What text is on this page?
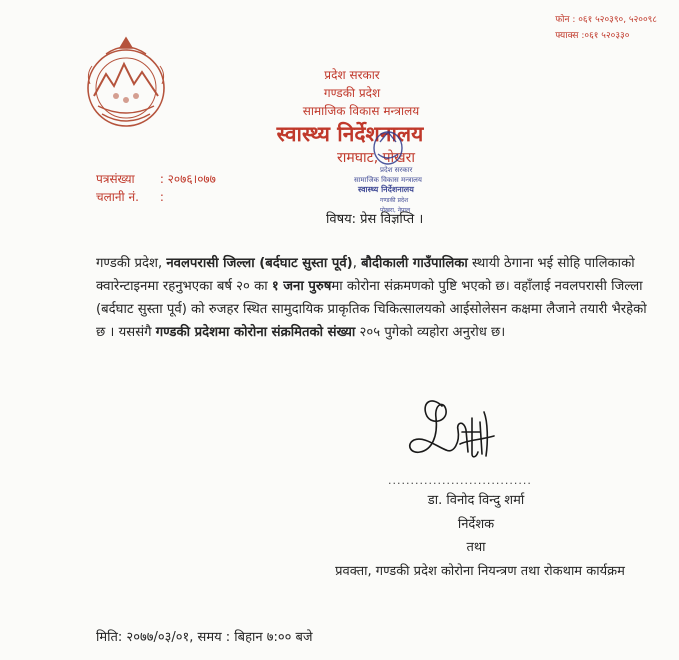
फोन : ०६१ ५२०३९०, ५२००९८
फ्याक्स :०६१ ५२०३३०
प्रदेश सरकार
गण्डकी प्रदेश
सामाजिक विकास मन्त्रालय
स्वास्थ्य निर्देशनालय
रामघाट, पोखरा
प्रदेश सरकार
सामाजिक विकास मन्त्रालय
स्वास्थ्य निर्देशनालय
गण्डकी प्रदेश
पोखरा, नेपाल
पत्रसंख्या : २०७६।०७७
चलानी नं. :
विषय: प्रेस विज्ञप्ति ।

गण्डकी प्रदेश, नवलपरासी जिल्ला (बर्दघाट सुस्ता पूर्व), बौदीकाली गाउँपालिका स्थायी ठेगाना भई सोहि पालिकाको क्वारेन्टाइनमा रहनुभएका बर्ष २० का १ जना पुरुषमा कोरोना संक्रमणको पुष्टि भएको छ। वहाँलाई नवलपरासी जिल्ला (बर्दघाट सुस्ता पूर्व) को रुजहर स्थित सामुदायिक प्राकृतिक चिकित्सालयको आईसोलेसन कक्षमा लैजाने तयारी भैरहेको छ । यससंगै गण्डकी प्रदेशमा कोरोना संक्रमितको संख्या २०५ पुगेको व्यहोरा अनुरोध छ।

................................
डा. विनोद विन्दु शर्मा
निर्देशक
तथा
प्रवक्ता, गण्डकी प्रदेश कोरोना नियन्त्रण तथा रोकथाम कार्यक्रम
मिति: २०७७/०३/०१, समय : बिहान ७:०० बजे
